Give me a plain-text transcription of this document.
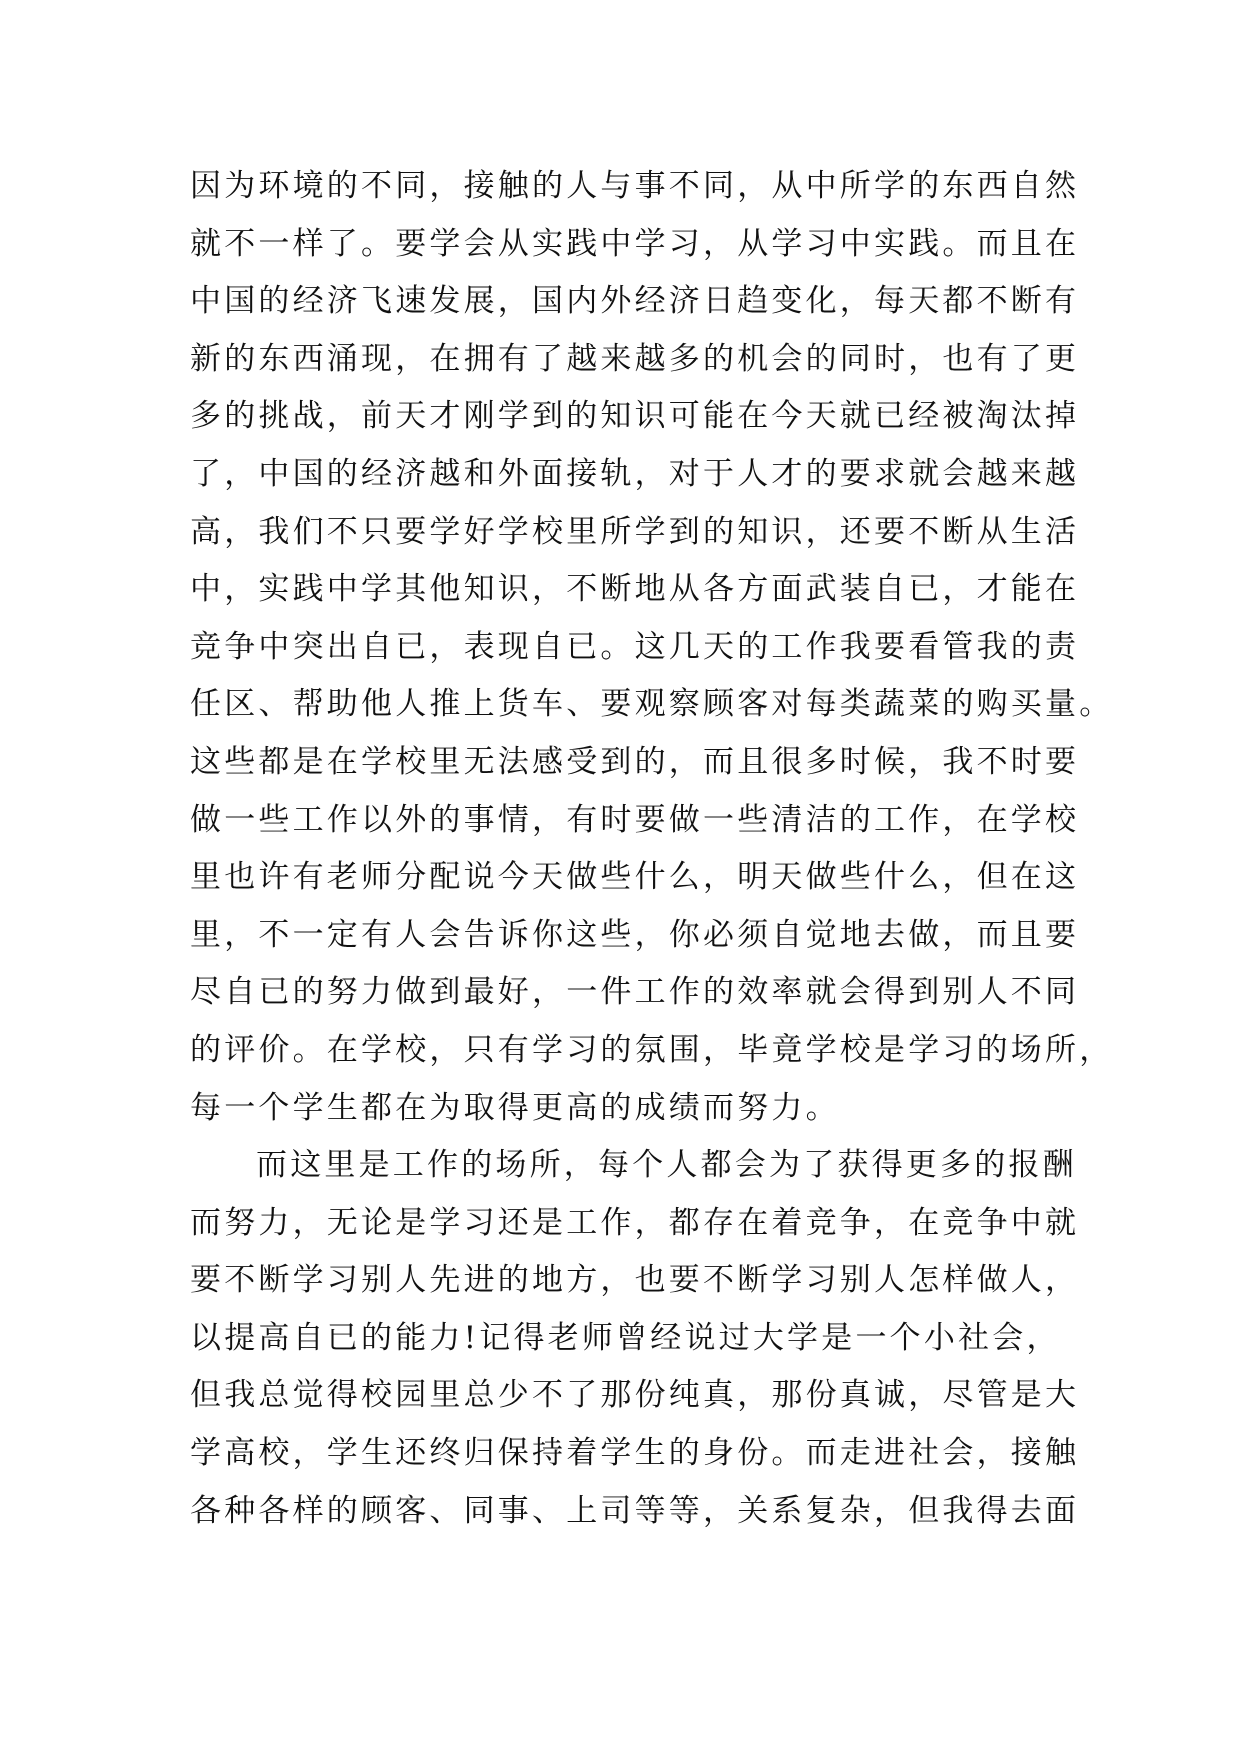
因为环境的不同，接触的人与事不同，从中所学的东西自然
就不一样了。要学会从实践中学习，从学习中实践。而且在
中国的经济飞速发展，国内外经济日趋变化，每天都不断有
新的东西涌现，在拥有了越来越多的机会的同时，也有了更
多的挑战，前天才刚学到的知识可能在今天就已经被淘汰掉
了，中国的经济越和外面接轨，对于人才的要求就会越来越
高，我们不只要学好学校里所学到的知识，还要不断从生活
中，实践中学其他知识，不断地从各方面武装自已，才能在
竞争中突出自已，表现自已。这几天的工作我要看管我的责
任区、帮助他人推上货车、要观察顾客对每类蔬菜的购买量。
这些都是在学校里无法感受到的，而且很多时候，我不时要
做一些工作以外的事情，有时要做一些清洁的工作，在学校
里也许有老师分配说今天做些什么，明天做些什么，但在这
里，不一定有人会告诉你这些，你必须自觉地去做，而且要
尽自已的努力做到最好，一件工作的效率就会得到别人不同
的评价。在学校，只有学习的氛围，毕竟学校是学习的场所，
每一个学生都在为取得更高的成绩而努力。
而这里是工作的场所，每个人都会为了获得更多的报酬
而努力，无论是学习还是工作，都存在着竞争，在竞争中就
要不断学习别人先进的地方，也要不断学习别人怎样做人，
以提高自已的能力!记得老师曾经说过大学是一个小社会，
但我总觉得校园里总少不了那份纯真，那份真诚，尽管是大
学高校，学生还终归保持着学生的身份。而走进社会，接触
各种各样的顾客、同事、上司等等，关系复杂，但我得去面
